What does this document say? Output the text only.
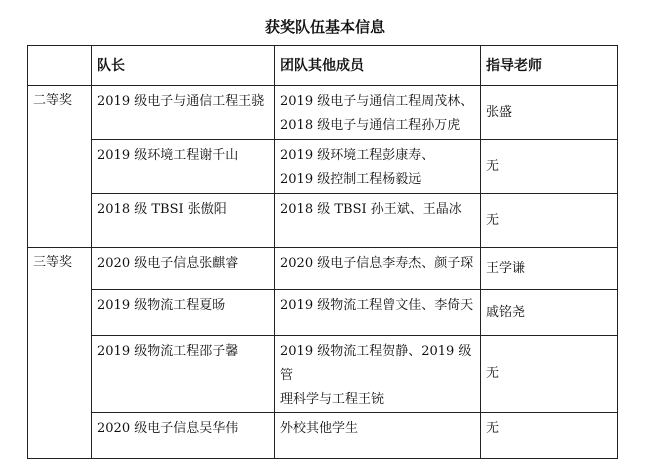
获奖队伍基本信息
	队长	团队其他成员	指导老师
二等奖	2019 级电子与通信工程王骁	2019 级电子与通信工程周茂林、
2018 级电子与通信工程孙万虎	张盛
	2019 级环境工程谢千山	2019 级环境工程彭康寿、
2019 级控制工程杨毅远	无
	2018 级 TBSI 张傲阳	2018 级 TBSI 孙王斌、王晶冰	无
三等奖	2020 级电子信息张麒睿	2020 级电子信息李寿杰、颜子琛	王学谦
	2019 级物流工程夏旸	2019 级物流工程曾文佳、李倚天	戚铭尧
	2019 级物流工程邵子馨	2019 级物流工程贺静、2019 级管
理科学与工程王铳	无
	2020 级电子信息吴华伟	外校其他学生	无
